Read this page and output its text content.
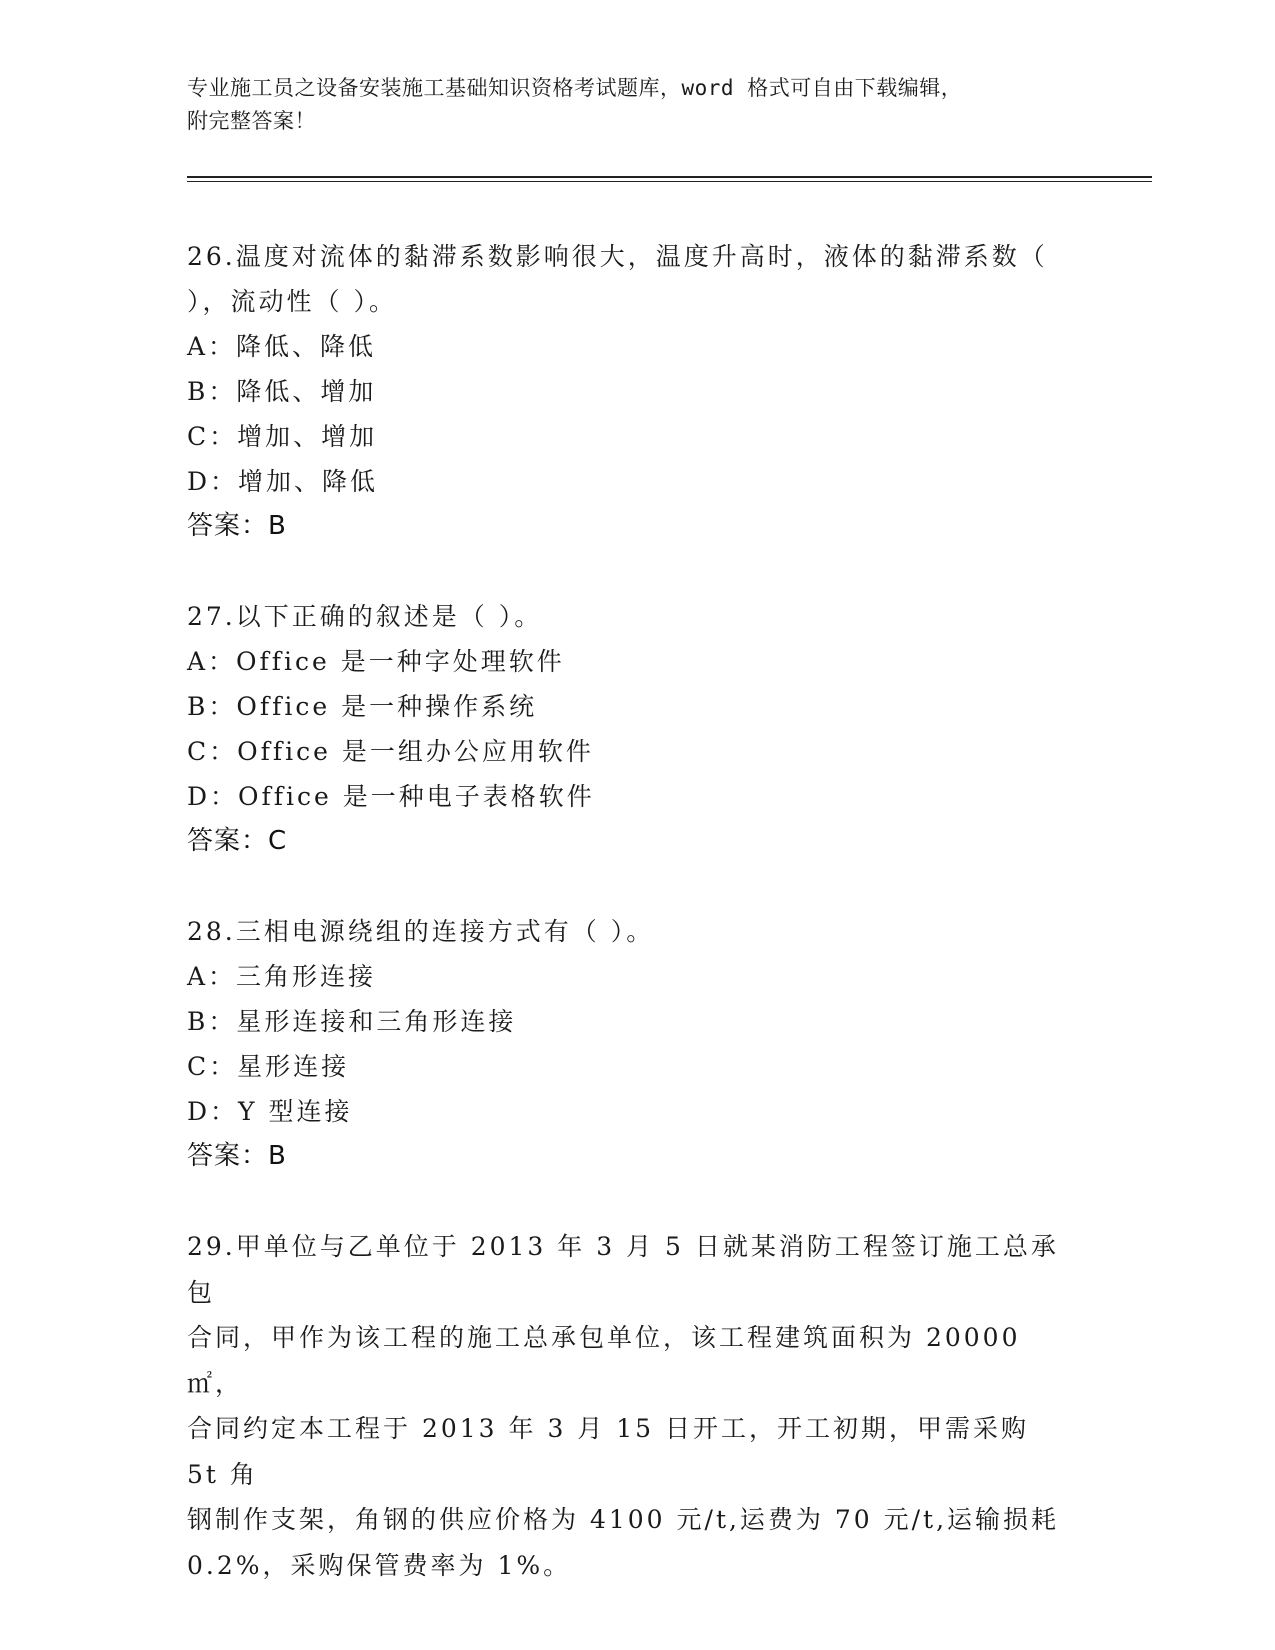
专业施工员之设备安装施工基础知识资格考试题库，word 格式可自由下载编辑，
附完整答案！
26.温度对流体的黏滞系数影响很大，温度升高时，液体的黏滞系数（
），流动性（ ）。
A：降低、降低
B：降低、增加
C：增加、增加
D：增加、降低
答案：B
27.以下正确的叙述是（ ）。
A：Office 是一种字处理软件
B：Office 是一种操作系统
C：Office 是一组办公应用软件
D：Office 是一种电子表格软件
答案：C
28.三相电源绕组的连接方式有（ ）。
A：三角形连接
B：星形连接和三角形连接
C：星形连接
D：Y 型连接
答案：B
29.甲单位与乙单位于 2013 年 3 月 5 日就某消防工程签订施工总承包
合同，甲作为该工程的施工总承包单位，该工程建筑面积为 20000㎡，
合同约定本工程于 2013 年 3 月 15 日开工，开工初期，甲需采购 5t 角
钢制作支架，角钢的供应价格为 4100 元/t,运费为 70 元/t,运输损耗
0.2%，采购保管费率为 1%。
